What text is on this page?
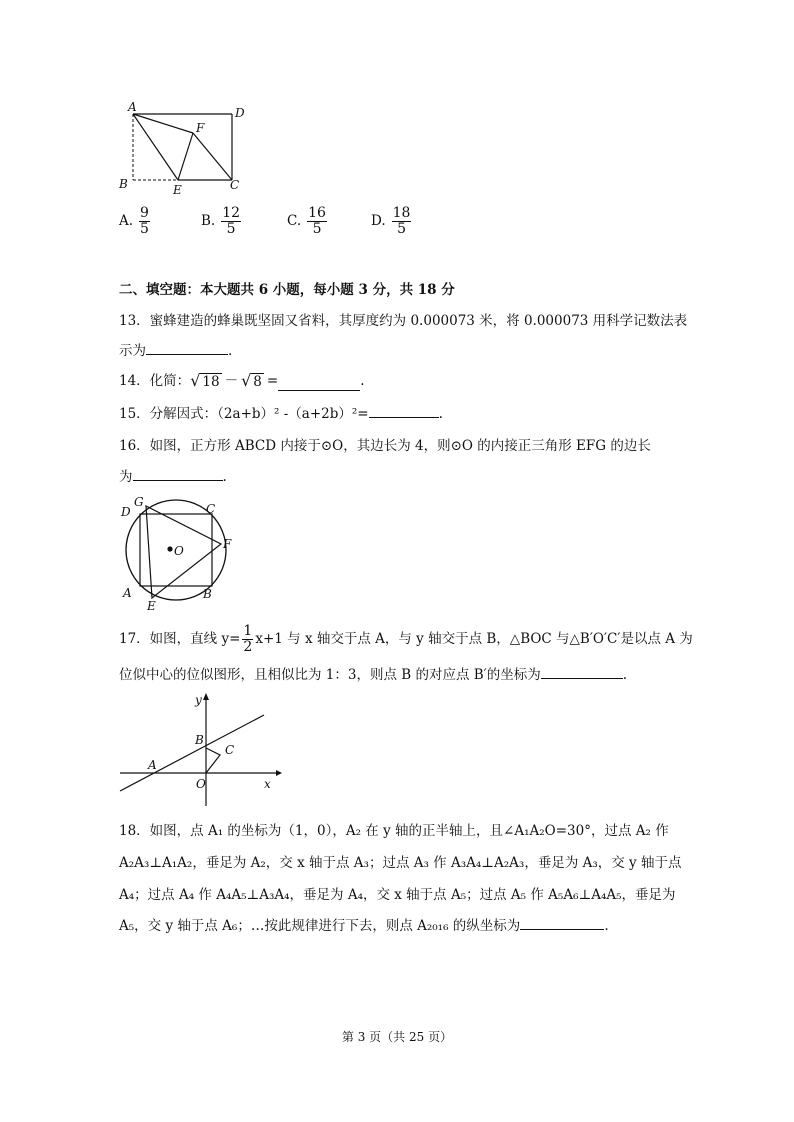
A	D
F
B	E	C
A. $\frac{9}{5}$	B. $\frac{12}{5}$	C. $\frac{16}{5}$	D. $\frac{18}{5}$
二、填空题：本大题共 6 小题，每小题 3 分，共 18 分
13．蜜蜂建造的蜂巢既坚固又省料，其厚度约为 0.000073 米，将 0.000073 用科学记数法表
示为	.
14．化简： √ 18 － √ 8 =	.
15．分解因式：（2a+b）² -（a+2b）²=	.
16．如图，正方形 ABCD 内接于⊙O，其边长为 4，则⊙O 的内接正三角形 EFG 的边长
为	.
G
D	C
O	F
A
E
B
17．如图，直线 $y= \frac{1}{2} x+1$ 与 x 轴交于点 A，与 y 轴交于点 B，△BOC 与△B′O′C′是以点 A 为
位似中心的位似图形，且相似比为 1：3，则点 B 的对应点 B′的坐标为	.
y
B
C
A
O	x
18．如图，点 A₁ 的坐标为（1，0），A₂ 在 y 轴的正半轴上，且∠A₁A₂O=30°，过点 A₂ 作
A₂A₃⊥A₁A₂，垂足为 A₂，交 x 轴于点 A₃；过点 A₃ 作 A₃A₄⊥A₂A₃，垂足为 A₃，交 y 轴于点
A₄；过点 A₄ 作 A₄A₅⊥A₃A₄，垂足为 A₄，交 x 轴于点 A₅；过点 A₅ 作 A₅A₆⊥A₄A₅，垂足为
A₅，交 y 轴于点 A₆；…按此规律进行下去，则点 A₂₀₁₆ 的纵坐标为	.
第 3 页（共 25 页）
